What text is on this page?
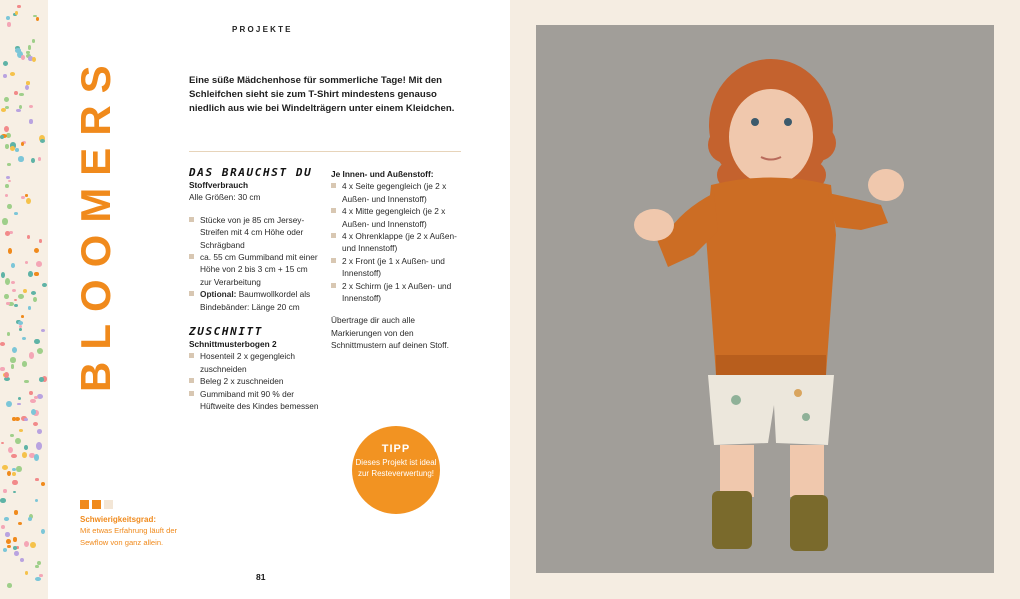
PROJEKTE
BLOOMERS	Eine süße Mädchenhose für sommerliche Tage! Mit den Schleifchen sieht sie zum T-Shirt mindestens genauso niedlich aus wie bei Windelträgern unter einem Kleidchen.

DAS BRAUCHST DU
Stoffverbrauch
Alle Größen: 30 cm
Stücke von je 85 cm Jersey-Streifen mit 4 cm Höhe oder Schrägband
ca. 55 cm Gummiband mit einer Höhe von 2 bis 3 cm + 15 cm zur Verarbeitung
Optional: Baumwollkordel als Bindebänder: Länge 20 cm
ZUSCHNITT
Schnittmusterbogen 2
Hosenteil 2 x gegengleich zuschneiden
Beleg 2 x zuschneiden
Gummiband mit 90 % der Hüftweite des Kindes bemessen
Je Innen- und Außenstoff:
4 x Seite gegengleich (je 2 x Außen- und Innenstoff)
4 x Mitte gegengleich (je 2 x Außen- und Innenstoff)
4 x Ohrenklappe (je 2 x Außen- und Innenstoff)
2 x Front (je 1 x Außen- und Innenstoff)
2 x Schirm (je 1 x Außen- und Innenstoff)
Übertrage dir auch alle Markierungen von den Schnittmustern auf deinen Stoff.
TIPP
Dieses Projekt ist ideal zur Resteverwertung!
Schwierigkeitsgrad:
Mit etwas Erfahrung läuft der Sewflow von ganz allein.
81
